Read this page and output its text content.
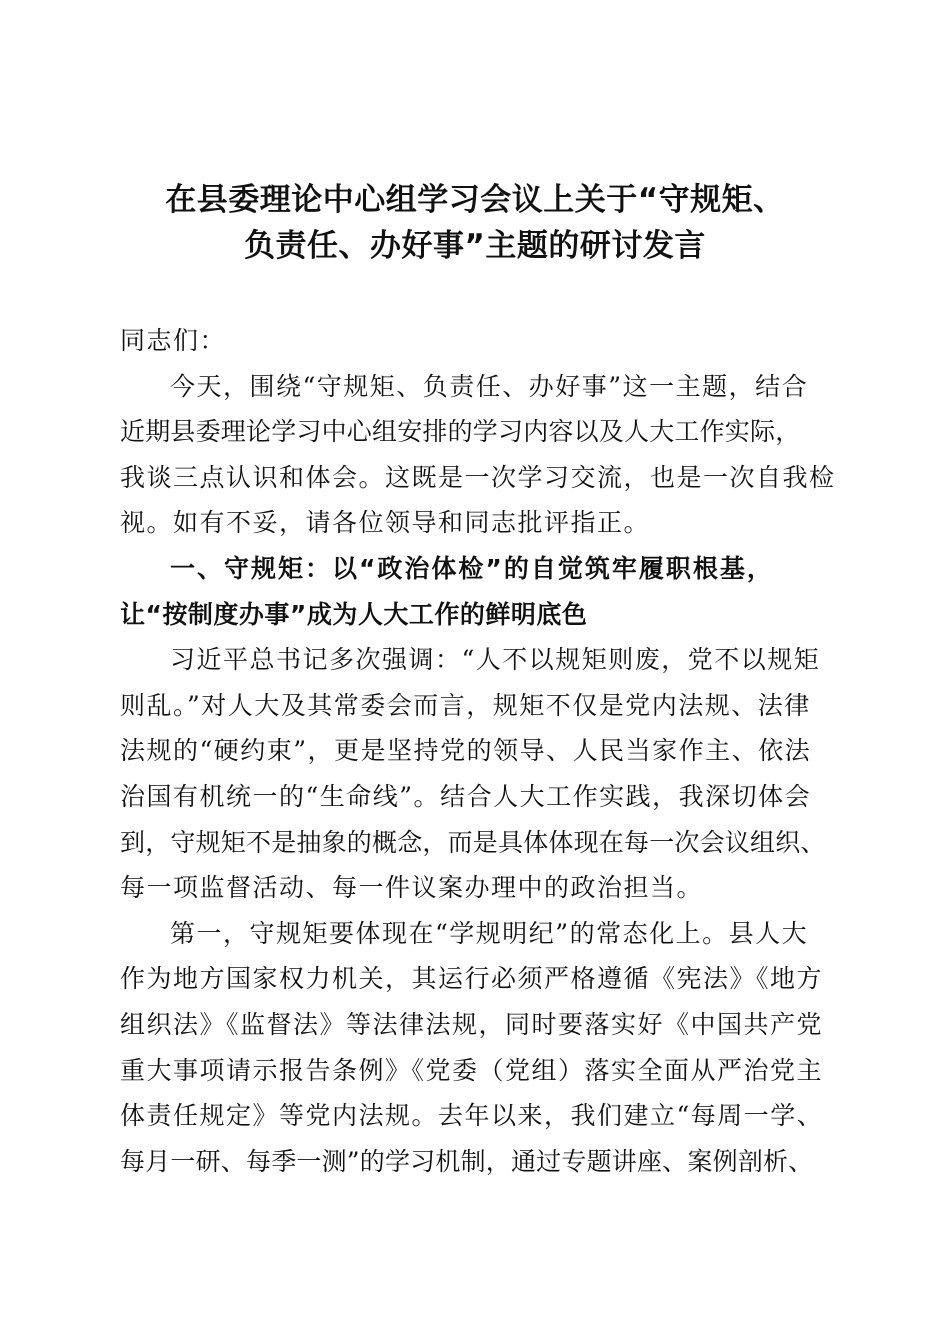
在县委理论中心组学习会议上关于“守规矩、
负责任、办好事”主题的研讨发言
同志们：
今天，围绕“守规矩、负责任、办好事”这一主题，结合
近期县委理论学习中心组安排的学习内容以及人大工作实际，
我谈三点认识和体会。这既是一次学习交流，也是一次自我检
视。如有不妥，请各位领导和同志批评指正。
一、守规矩：以“政治体检”的自觉筑牢履职根基，
让“按制度办事”成为人大工作的鲜明底色
习近平总书记多次强调：“人不以规矩则废，党不以规矩
则乱。”对人大及其常委会而言，规矩不仅是党内法规、法律
法规的“硬约束”，更是坚持党的领导、人民当家作主、依法
治国有机统一的“生命线”。结合人大工作实践，我深切体会
到，守规矩不是抽象的概念，而是具体体现在每一次会议组织、
每一项监督活动、每一件议案办理中的政治担当。
第一，守规矩要体现在“学规明纪”的常态化上。县人大
作为地方国家权力机关，其运行必须严格遵循《宪法》《地方
组织法》《监督法》等法律法规，同时要落实好《中国共产党
重大事项请示报告条例》《党委（党组）落实全面从严治党主
体责任规定》等党内法规。去年以来，我们建立“每周一学、
每月一研、每季一测”的学习机制，通过专题讲座、案例剖析、
